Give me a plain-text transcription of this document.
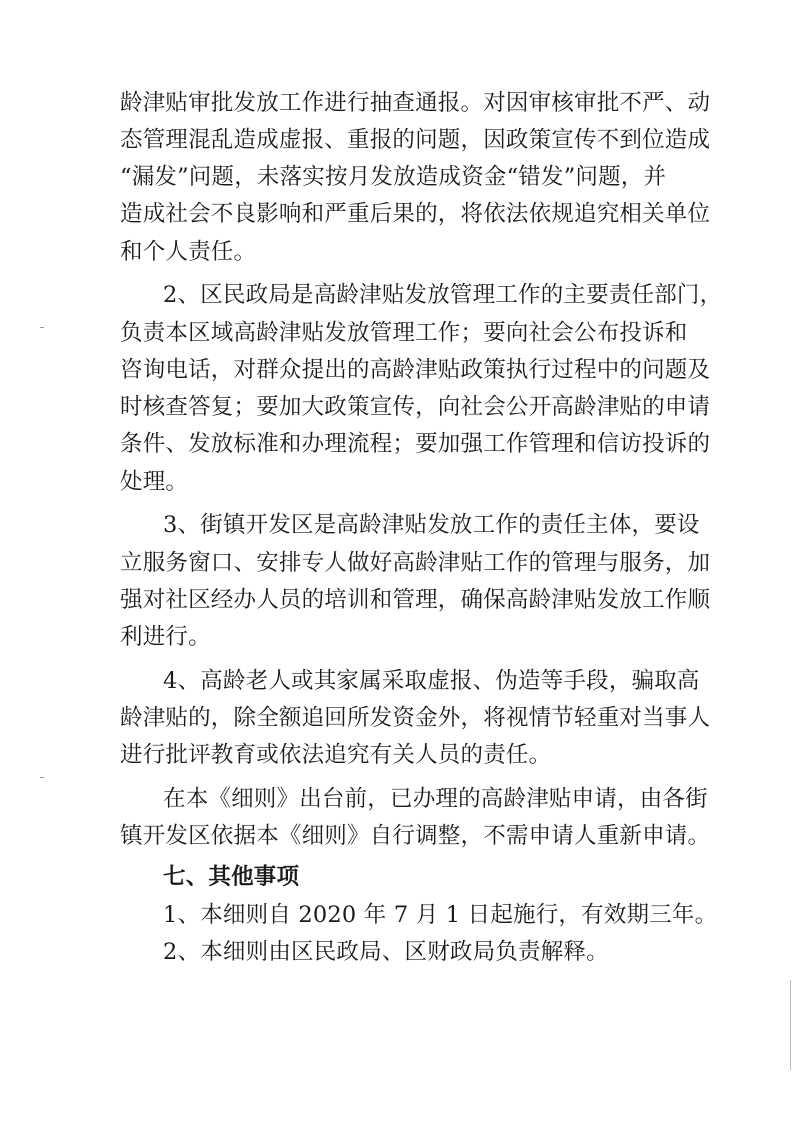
龄津贴审批发放工作进行抽查通报。对因审核审批不严、动
态管理混乱造成虚报、重报的问题，因政策宣传不到位造成
“漏发”问题，未落实按月发放造成资金“错发”问题，并
造成社会不良影响和严重后果的，将依法依规追究相关单位
和个人责任。
2、区民政局是高龄津贴发放管理工作的主要责任部门，
负责本区域高龄津贴发放管理工作；要向社会公布投诉和
咨询电话，对群众提出的高龄津贴政策执行过程中的问题及
时核查答复；要加大政策宣传，向社会公开高龄津贴的申请
条件、发放标准和办理流程；要加强工作管理和信访投诉的
处理。
3、街镇开发区是高龄津贴发放工作的责任主体，要设
立服务窗口、安排专人做好高龄津贴工作的管理与服务，加
强对社区经办人员的培训和管理，确保高龄津贴发放工作顺
利进行。
4、高龄老人或其家属采取虚报、伪造等手段，骗取高
龄津贴的，除全额追回所发资金外，将视情节轻重对当事人
进行批评教育或依法追究有关人员的责任。
在本《细则》出台前，已办理的高龄津贴申请，由各街
镇开发区依据本《细则》自行调整，不需申请人重新申请。
七、其他事项
1、本细则自 2020 年 7 月 1 日起施行，有效期三年。
2、本细则由区民政局、区财政局负责解释。
